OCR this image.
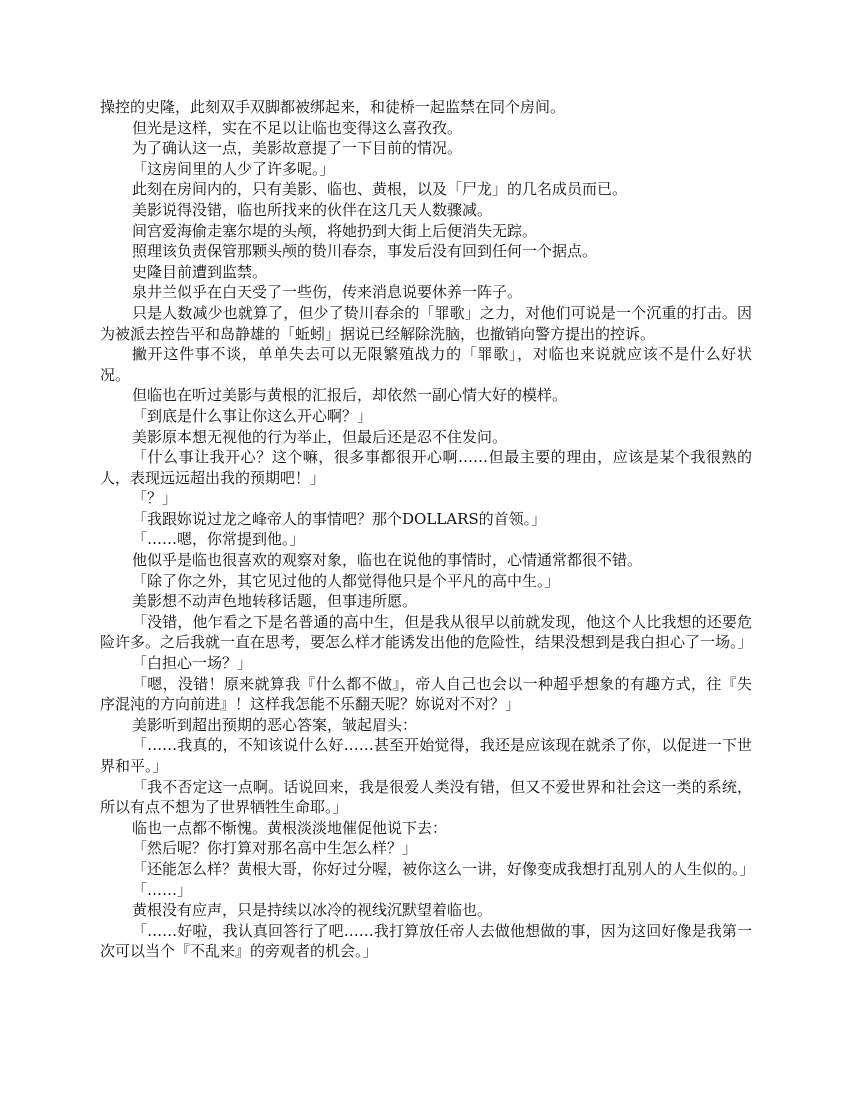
操控的史隆，此刻双手双脚都被绑起来，和徒桥一起监禁在同个房间。

但光是这样，实在不足以让临也变得这么喜孜孜。

为了确认这一点，美影故意提了一下目前的情况。

「这房间里的人少了许多呢。」

此刻在房间内的，只有美影、临也、黄根，以及「尸龙」的几名成员而已。

美影说得没错，临也所找来的伙伴在这几天人数骤减。

间宫爱海偷走塞尔堤的头颅，将她扔到大街上后便消失无踪。

照理该负责保管那颗头颅的贽川春奈，事发后没有回到任何一个据点。

史隆目前遭到监禁。

泉井兰似乎在白天受了一些伤，传来消息说要休养一阵子。

只是人数减少也就算了，但少了贽川春余的「罪歌」之力，对他们可说是一个沉重的打击。因为被派去控告平和岛静雄的「蚯蚓」据说已经解除洗脑，也撤销向警方提出的控诉。

撇开这件事不谈，单单失去可以无限繁殖战力的「罪歌」，对临也来说就应该不是什么好状况。

但临也在听过美影与黄根的汇报后，却依然一副心情大好的模样。

「到底是什么事让你这么开心啊？」

美影原本想无视他的行为举止，但最后还是忍不住发问。

「什么事让我开心？这个嘛，很多事都很开心啊……但最主要的理由，应该是某个我很熟的人，表现远远超出我的预期吧！」

「？」

「我跟妳说过龙之峰帝人的事情吧？那个DOLLARS的首领。」

「……嗯，你常提到他。」

他似乎是临也很喜欢的观察对象，临也在说他的事情时，心情通常都很不错。

「除了你之外，其它见过他的人都觉得他只是个平凡的高中生。」

美影想不动声色地转移话题，但事违所愿。

「没错，他乍看之下是名普通的高中生，但是我从很早以前就发现，他这个人比我想的还要危险许多。之后我就一直在思考，要怎么样才能诱发出他的危险性，结果没想到是我白担心了一场。」

「白担心一场？」

「嗯，没错！原来就算我『什么都不做』，帝人自己也会以一种超乎想象的有趣方式，往『失序混沌的方向前进』！这样我怎能不乐翻天呢？妳说对不对？」

美影听到超出预期的恶心答案，皱起眉头：

「……我真的，不知该说什么好……甚至开始觉得，我还是应该现在就杀了你，以促进一下世界和平。」

「我不否定这一点啊。话说回来，我是很爱人类没有错，但又不爱世界和社会这一类的系统，所以有点不想为了世界牺牲生命耶。」

临也一点都不惭愧。黄根淡淡地催促他说下去：

「然后呢？你打算对那名高中生怎么样？」

「还能怎么样？黄根大哥，你好过分喔，被你这么一讲，好像变成我想打乱别人的人生似的。」

「……」

黄根没有应声，只是持续以冰冷的视线沉默望着临也。

「……好啦，我认真回答行了吧……我打算放任帝人去做他想做的事，因为这回好像是我第一次可以当个『不乱来』的旁观者的机会。」
